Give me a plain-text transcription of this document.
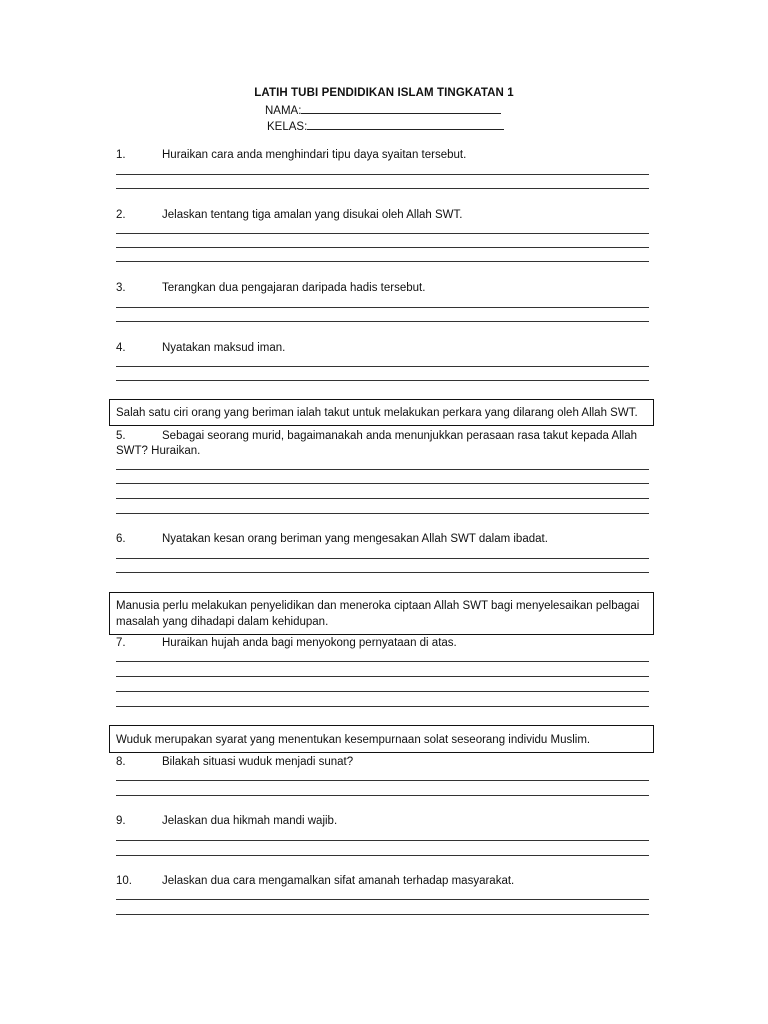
LATIH TUBI PENDIDIKAN ISLAM TINGKATAN 1
NAMA:
KELAS:
1.	Huraikan cara anda menghindari tipu daya syaitan tersebut.
2.	Jelaskan tentang tiga amalan yang disukai oleh Allah SWT.
3.	Terangkan dua pengajaran daripada hadis tersebut.
4.	Nyatakan maksud iman.
Salah satu ciri orang yang beriman ialah takut untuk melakukan perkara yang dilarang oleh Allah SWT.
5.	Sebagai seorang murid, bagaimanakah anda menunjukkan perasaan rasa takut kepada Allah SWT? Huraikan.
6.	Nyatakan kesan orang beriman yang mengesakan Allah SWT dalam ibadat.
Manusia perlu melakukan penyelidikan dan meneroka ciptaan Allah SWT bagi menyelesaikan pelbagai masalah yang dihadapi dalam kehidupan.
7.	Huraikan hujah anda bagi menyokong pernyataan di atas.
Wuduk merupakan syarat yang menentukan kesempurnaan solat seseorang individu Muslim.
8.	Bilakah situasi wuduk menjadi sunat?
9.	Jelaskan dua hikmah mandi wajib.
10.	Jelaskan dua cara mengamalkan sifat amanah terhadap masyarakat.
